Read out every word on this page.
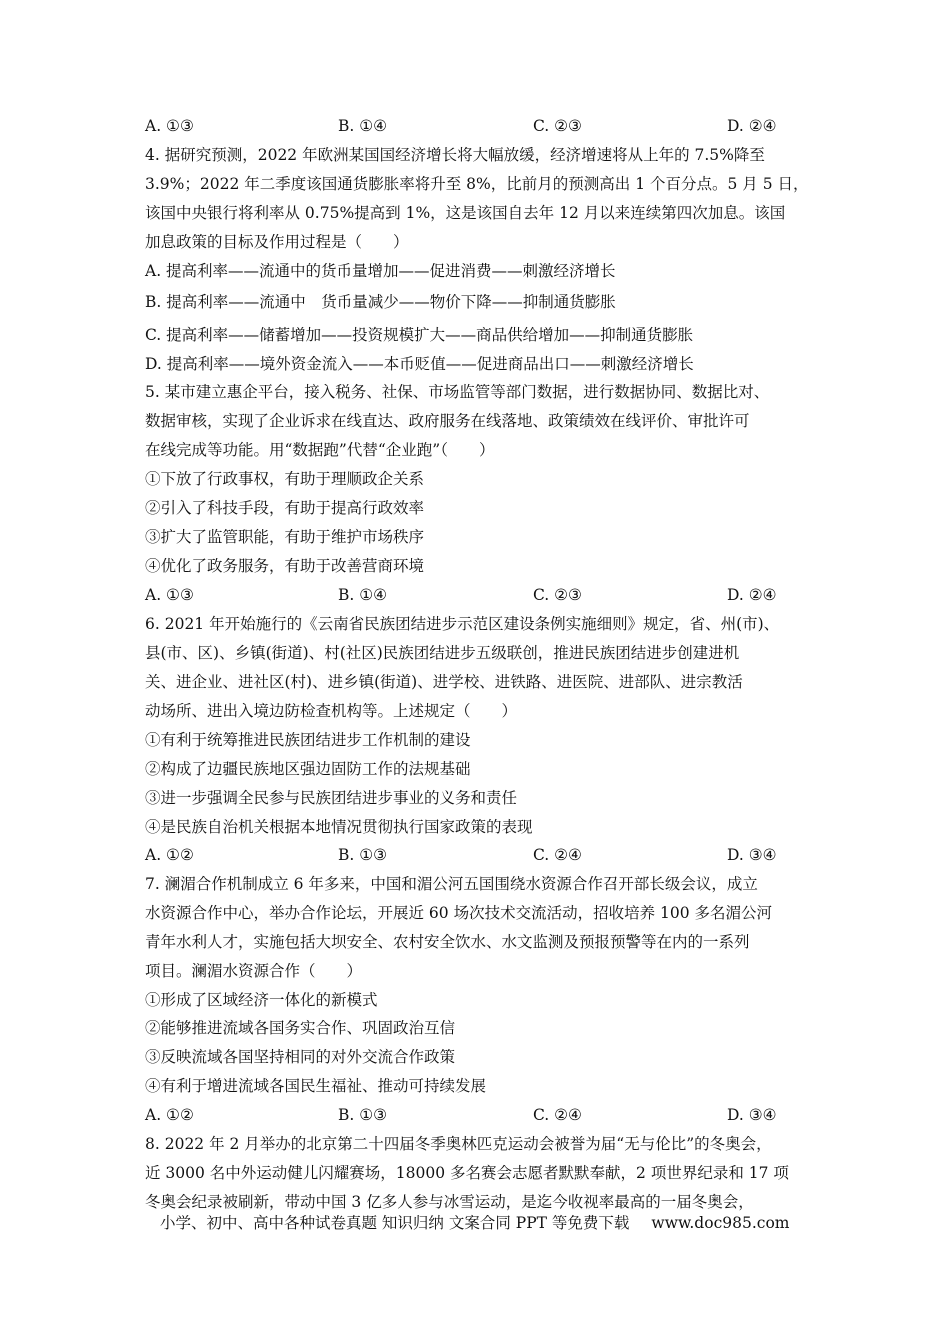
A. ①③	B. ①④	C. ②③	D. ②④
4. 据研究预测，2022 年欧洲某国国经济增长将大幅放缓，经济增速将从上年的 7.5%降至
3.9%；2022 年二季度该国通货膨胀率将升至 8%，比前月的预测高出 1 个百分点。5 月 5 日，
该国中央银行将利率从 0.75%提高到 1%，这是该国自去年 12 月以来连续第四次加息。该国
加息政策的目标及作用过程是（　　）
A. 提高利率——流通中的货币量增加——促进消费——刺激经济增长
B. 提高利率——流通中　货币量减少——物价下降——抑制通货膨胀
C. 提高利率——储蓄增加——投资规模扩大——商品供给增加——抑制通货膨胀
D. 提高利率——境外资金流入——本币贬值——促进商品出口——刺激经济增长
5. 某市建立惠企平台，接入税务、社保、市场监管等部门数据，进行数据协同、数据比对、
数据审核，实现了企业诉求在线直达、政府服务在线落地、政策绩效在线评价、审批许可
在线完成等功能。用“数据跑”代替“企业跑”（　　）
①下放了行政事权，有助于理顺政企关系
②引入了科技手段，有助于提高行政效率
③扩大了监管职能，有助于维护市场秩序
④优化了政务服务，有助于改善营商环境
A. ①③	B. ①④	C. ②③	D. ②④
6. 2021 年开始施行的《云南省民族团结进步示范区建设条例实施细则》规定，省、州(市)、
县(市、区)、乡镇(街道)、村(社区)民族团结进步五级联创，推进民族团结进步创建进机
关、进企业、进社区(村)、进乡镇(街道)、进学校、进铁路、进医院、进部队、进宗教活
动场所、进出入境边防检查机构等。上述规定（　　）
①有利于统筹推进民族团结进步工作机制的建设
②构成了边疆民族地区强边固防工作的法规基础
③进一步强调全民参与民族团结进步事业的义务和责任
④是民族自治机关根据本地情况贯彻执行国家政策的表现
A. ①②	B. ①③	C. ②④	D. ③④
7. 澜湄合作机制成立 6 年多来，中国和湄公河五国围绕水资源合作召开部长级会议，成立
水资源合作中心，举办合作论坛，开展近 60 场次技术交流活动，招收培养 100 多名湄公河
青年水利人才，实施包括大坝安全、农村安全饮水、水文监测及预报预警等在内的一系列
项目。澜湄水资源合作（　　）
①形成了区域经济一体化的新模式
②能够推进流域各国务实合作、巩固政治互信
③反映流域各国坚持相同的对外交流合作政策
④有利于增进流域各国民生福祉、推动可持续发展
A. ①②	B. ①③	C. ②④	D. ③④
8. 2022 年 2 月举办的北京第二十四届冬季奥林匹克运动会被誉为届“无与伦比”的冬奥会，
近 3000 名中外运动健儿闪耀赛场，18000 多名赛会志愿者默默奉献，2 项世界纪录和 17 项
冬奥会纪录被刷新，带动中国 3 亿多人参与冰雪运动，是迄今收视率最高的一届冬奥会，
小学、初中、高中各种试卷真题 知识归纳 文案合同 PPT 等免费下载 www.doc985.com
